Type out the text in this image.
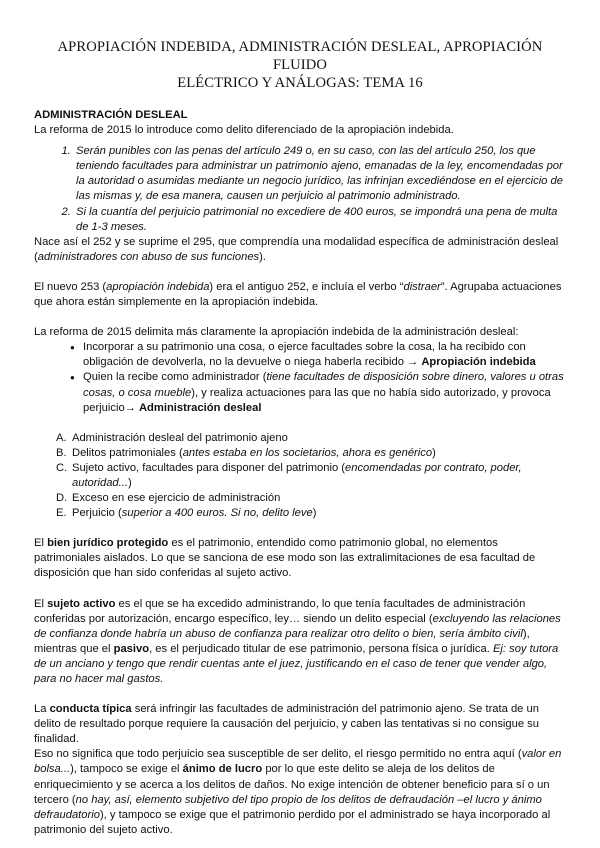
APROPIACIÓN INDEBIDA, ADMINISTRACIÓN DESLEAL, APROPIACIÓN FLUIDO
ELÉCTRICO Y ANÁLOGAS: TEMA 16

ADMINISTRACIÓN DESLEAL

La reforma de 2015 lo introduce como delito diferenciado de la apropiación indebida.

1. Serán punibles con las penas del artículo 249 o, en su caso, con las del artículo 250, los que teniendo facultades para administrar un patrimonio ajeno, emanadas de la ley, encomendadas por la autoridad o asumidas mediante un negocio jurídico, las infrinjan excediéndose en el ejercicio de las mismas y, de esa manera, causen un perjuicio al patrimonio administrado.
2. Si la cuantía del perjuicio patrimonial no excediere de 400 euros, se impondrá una pena de multa de 1-3 meses.

Nace así el 252 y se suprime el 295, que comprendía una modalidad específica de administración desleal (administradores con abuso de sus funciones).

El nuevo 253 (apropiación indebida) era el antiguo 252, e incluía el verbo “distraer”. Agrupaba actuaciones que ahora están simplemente en la apropiación indebida.

La reforma de 2015 delimita más claramente la apropiación indebida de la administración desleal:

● Incorporar a su patrimonio una cosa, o ejerce facultades sobre la cosa, la ha recibido con obligación de devolverla, no la devuelve o niega haberla recibido → Apropiación indebida
● Quien la recibe como administrador (tiene facultades de disposición sobre dinero, valores u otras cosas, o cosa mueble), y realiza actuaciones para las que no había sido autorizado, y provoca perjuicio→ Administración desleal
A. Administración desleal del patrimonio ajeno
B. Delitos patrimoniales (antes estaba en los societarios, ahora es genérico)
C. Sujeto activo, facultades para disponer del patrimonio (encomendadas por contrato, poder, autoridad...)
D. Exceso en ese ejercicio de administración
E. Perjuicio (superior a 400 euros. Si no, delito leve)

El bien jurídico protegido es el patrimonio, entendido como patrimonio global, no elementos patrimoniales aislados. Lo que se sanciona de ese modo son las extralimitaciones de esa facultad de disposición que han sido conferidas al sujeto activo.

El sujeto activo es el que se ha excedido administrando, lo que tenía facultades de administración conferidas por autorización, encargo específico, ley… siendo un delito especial (excluyendo las relaciones de confianza donde habría un abuso de confianza para realizar otro delito o bien, sería ámbito civil), mientras que el pasivo, es el perjudicado titular de ese patrimonio, persona física o jurídica. Ej: soy tutora de un anciano y tengo que rendir cuentas ante el juez, justificando en el caso de tener que vender algo, para no hacer mal gastos.

La conducta típica será infringir las facultades de administración del patrimonio ajeno. Se trata de un delito de resultado porque requiere la causación del perjuicio, y caben las tentativas si no consigue su finalidad.

Eso no significa que todo perjuicio sea susceptible de ser delito, el riesgo permitido no entra aquí (valor en bolsa...), tampoco se exige el ánimo de lucro por lo que este delito se aleja de los delitos de enriquecimiento y se acerca a los delitos de daños. No exige intención de obtener beneficio para sí o un tercero (no hay, así, elemento subjetivo del tipo propio de los delitos de defraudación –el lucro y ánimo defraudatorio), y tampoco se exige que el patrimonio perdido por el administrado se haya incorporado al patrimonio del sujeto activo.
